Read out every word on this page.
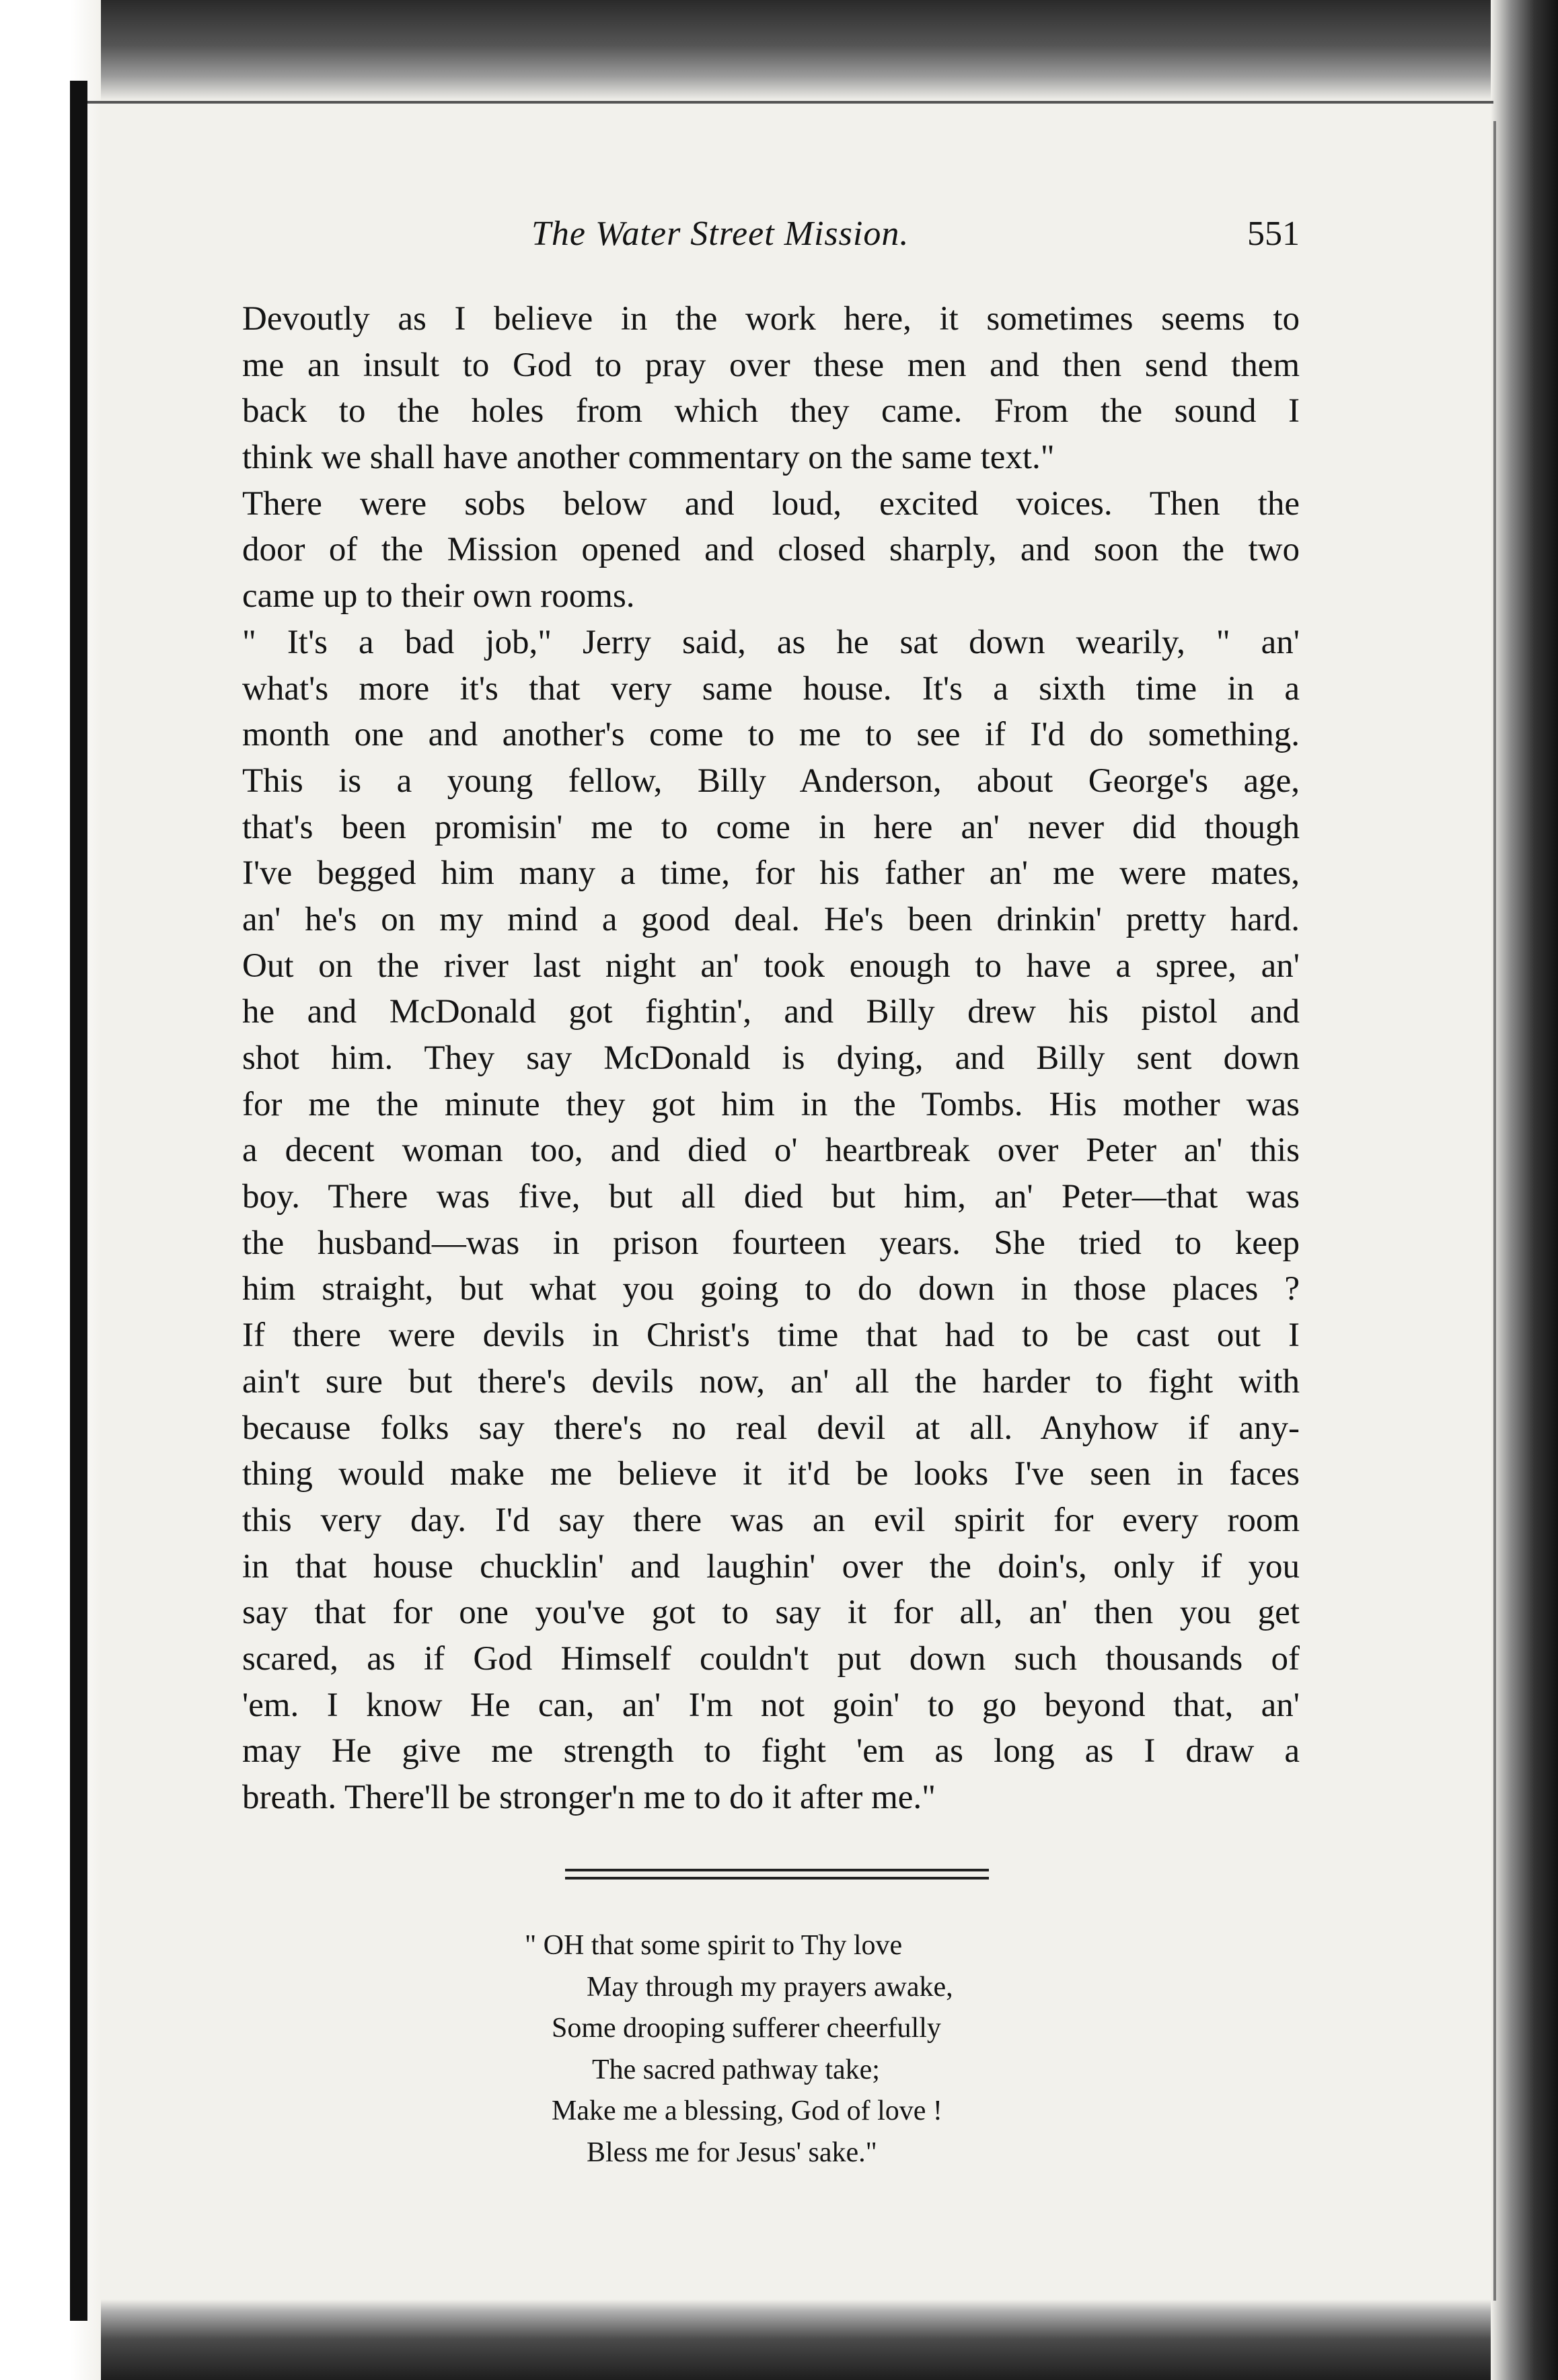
The Water Street Mission.	551
Devoutly as I believe in the work here, it sometimes seems to
me an insult to God to pray over these men and then send them
back to the holes from which they came. From the sound I
think we shall have another commentary on the same text."
There were sobs below and loud, excited voices. Then the
door of the Mission opened and closed sharply, and soon the two
came up to their own rooms.
" It's a bad job," Jerry said, as he sat down wearily, " an'
what's more it's that very same house. It's a sixth time in a
month one and another's come to me to see if I'd do something.
This is a young fellow, Billy Anderson, about George's age,
that's been promisin' me to come in here an' never did though
I've begged him many a time, for his father an' me were mates,
an' he's on my mind a good deal. He's been drinkin' pretty hard.
Out on the river last night an' took enough to have a spree, an'
he and McDonald got fightin', and Billy drew his pistol and
shot him. They say McDonald is dying, and Billy sent down
for me the minute they got him in the Tombs. His mother was
a decent woman too, and died o' heartbreak over Peter an' this
boy. There was five, but all died but him, an' Peter—that was
the husband—was in prison fourteen years. She tried to keep
him straight, but what you going to do down in those places ?
If there were devils in Christ's time that had to be cast out I
ain't sure but there's devils now, an' all the harder to fight with
because folks say there's no real devil at all. Anyhow if any-
thing would make me believe it it'd be looks I've seen in faces
this very day. I'd say there was an evil spirit for every room
in that house chucklin' and laughin' over the doin's, only if you
say that for one you've got to say it for all, an' then you get
scared, as if God Himself couldn't put down such thousands of
'em. I know He can, an' I'm not goin' to go beyond that, an'
may He give me strength to fight 'em as long as I draw a
breath. There'll be stronger'n me to do it after me."
" OH that some spirit to Thy love
May through my prayers awake,
Some drooping sufferer cheerfully
The sacred pathway take;
Make me a blessing, God of love !
Bless me for Jesus' sake."
